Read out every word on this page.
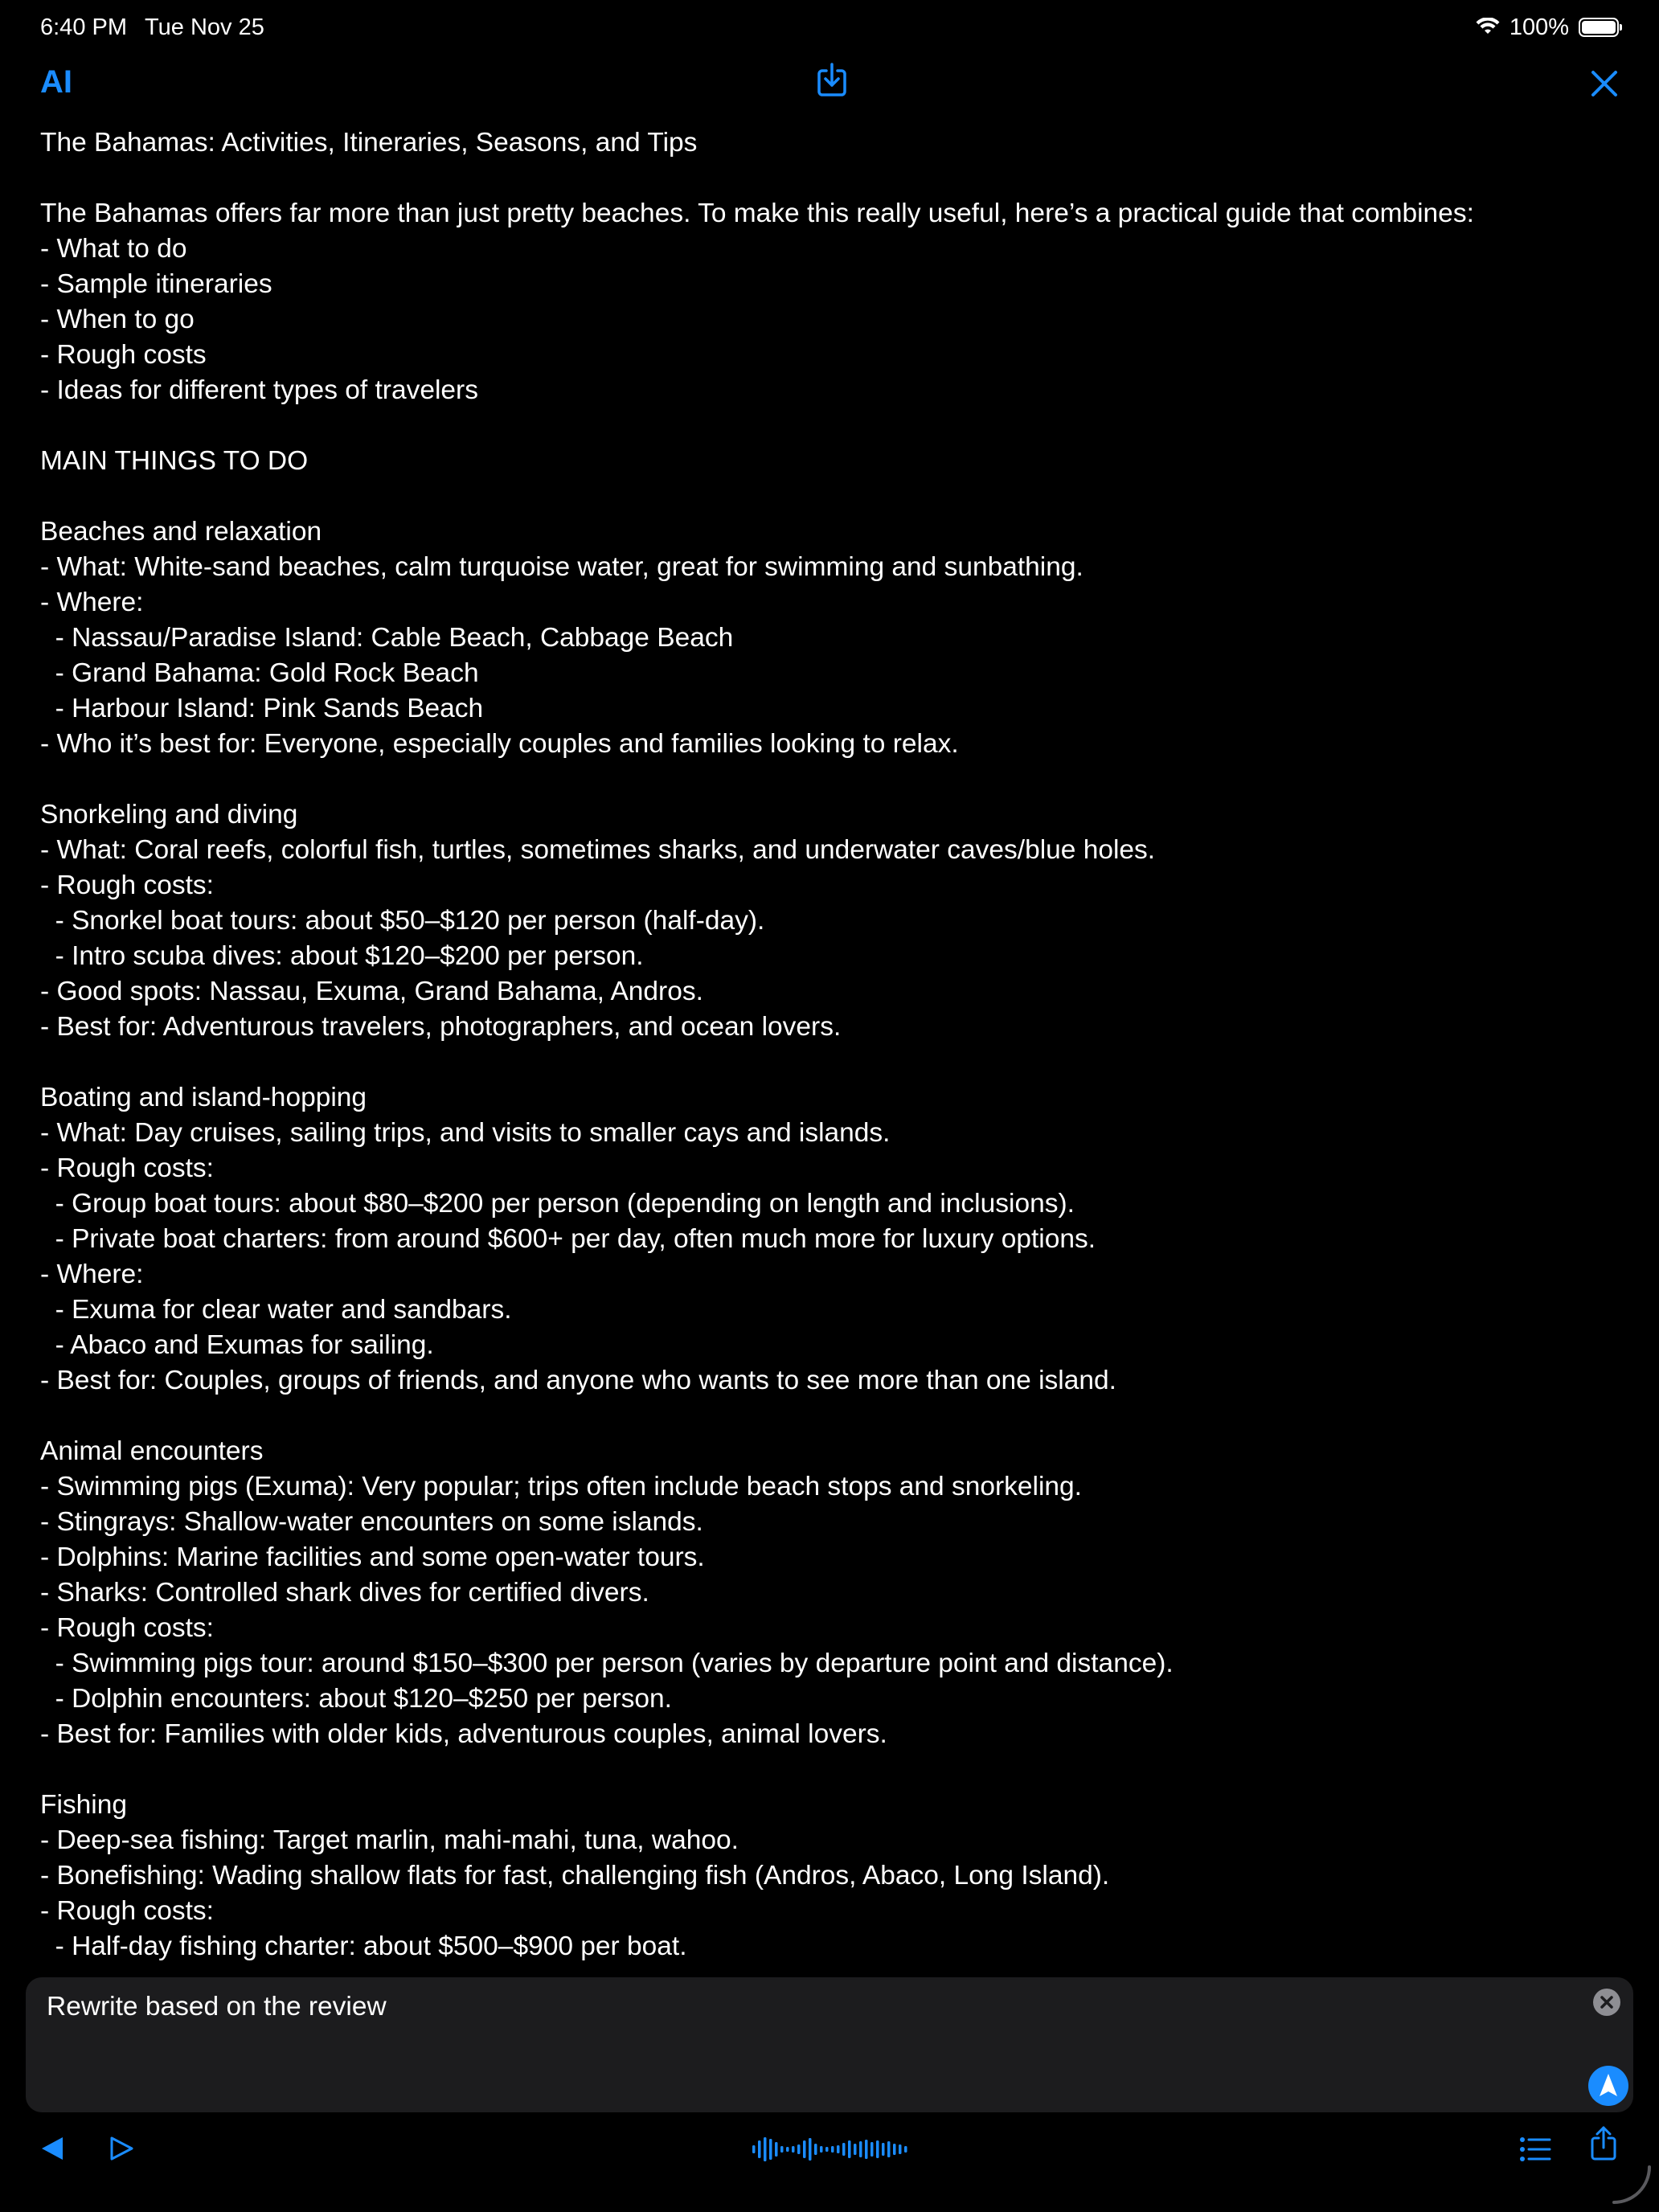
6:40 PM Tue Nov 25	100%
AI
The Bahamas: Activities, Itineraries, Seasons, and Tips
The Bahamas offers far more than just pretty beaches. To make this really useful, here’s a practical guide that combines:
- What to do
- Sample itineraries
- When to go
- Rough costs
- Ideas for different types of travelers
MAIN THINGS TO DO
Beaches and relaxation
- What: White-sand beaches, calm turquoise water, great for swimming and sunbathing.
- Where:
- Nassau/Paradise Island: Cable Beach, Cabbage Beach
- Grand Bahama: Gold Rock Beach
- Harbour Island: Pink Sands Beach
- Who it’s best for: Everyone, especially couples and families looking to relax.
Snorkeling and diving
- What: Coral reefs, colorful fish, turtles, sometimes sharks, and underwater caves/blue holes.
- Rough costs:
- Snorkel boat tours: about $50–$120 per person (half-day).
- Intro scuba dives: about $120–$200 per person.
- Good spots: Nassau, Exuma, Grand Bahama, Andros.
- Best for: Adventurous travelers, photographers, and ocean lovers.
Boating and island-hopping
- What: Day cruises, sailing trips, and visits to smaller cays and islands.
- Rough costs:
- Group boat tours: about $80–$200 per person (depending on length and inclusions).
- Private boat charters: from around $600+ per day, often much more for luxury options.
- Where:
- Exuma for clear water and sandbars.
- Abaco and Exumas for sailing.
- Best for: Couples, groups of friends, and anyone who wants to see more than one island.
Animal encounters
- Swimming pigs (Exuma): Very popular; trips often include beach stops and snorkeling.
- Stingrays: Shallow-water encounters on some islands.
- Dolphins: Marine facilities and some open-water tours.
- Sharks: Controlled shark dives for certified divers.
- Rough costs:
- Swimming pigs tour: around $150–$300 per person (varies by departure point and distance).
- Dolphin encounters: about $120–$250 per person.
- Best for: Families with older kids, adventurous couples, animal lovers.
Fishing
- Deep-sea fishing: Target marlin, mahi-mahi, tuna, wahoo.
- Bonefishing: Wading shallow flats for fast, challenging fish (Andros, Abaco, Long Island).
- Rough costs:
- Half-day fishing charter: about $500–$900 per boat.
Rewrite based on the review
